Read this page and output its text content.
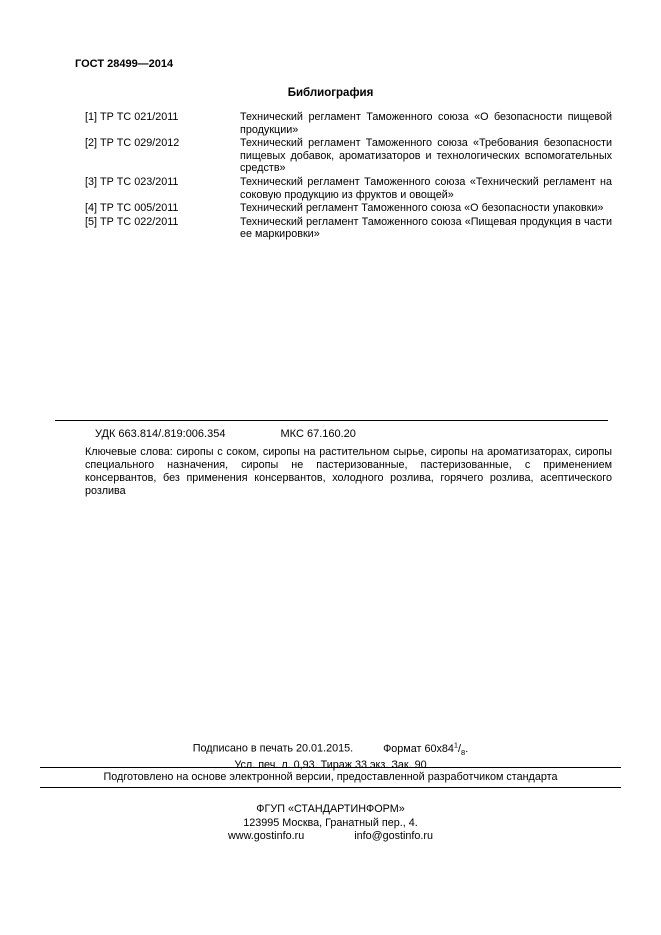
ГОСТ 28499—2014
Библиография
[1] ТР ТС 021/2011	Технический регламент Таможенного союза «О безопасности пищевой продукции»
[2] ТР ТС 029/2012	Технический регламент Таможенного союза «Требования безопасности пищевых добавок, ароматизаторов и технологических вспомогательных средств»
[3] ТР ТС 023/2011	Технический регламент Таможенного союза «Технический регламент на соковую продукцию из фруктов и овощей»
[4] ТР ТС 005/2011	Технический регламент Таможенного союза «О безопасности упаковки»
[5] ТР ТС 022/2011	Технический регламент Таможенного союза «Пищевая продукция в части ее маркировки»
УДК 663.814/.819:006.354	МКС 67.160.20
Ключевые слова: сиропы с соком, сиропы на растительном сырье, сиропы на ароматизаторах, сиропы специального назначения, сиропы не пастеризованные, пастеризованные, с применением консервантов, без применения консервантов, холодного розлива, горячего розлива, асептического розлива
Подписано в печать 20.01.2015.	Формат $60х84^1/_8$.
Усл. печ. л. 0,93. Тираж 33 экз. Зак. 90
Подготовлено на основе электронной версии, предоставленной разработчиком стандарта
ФГУП «СТАНДАРТИНФОРМ»
123995 Москва, Гранатный пер., 4.
www.gostinfo.ru	info@gostinfo.ru
